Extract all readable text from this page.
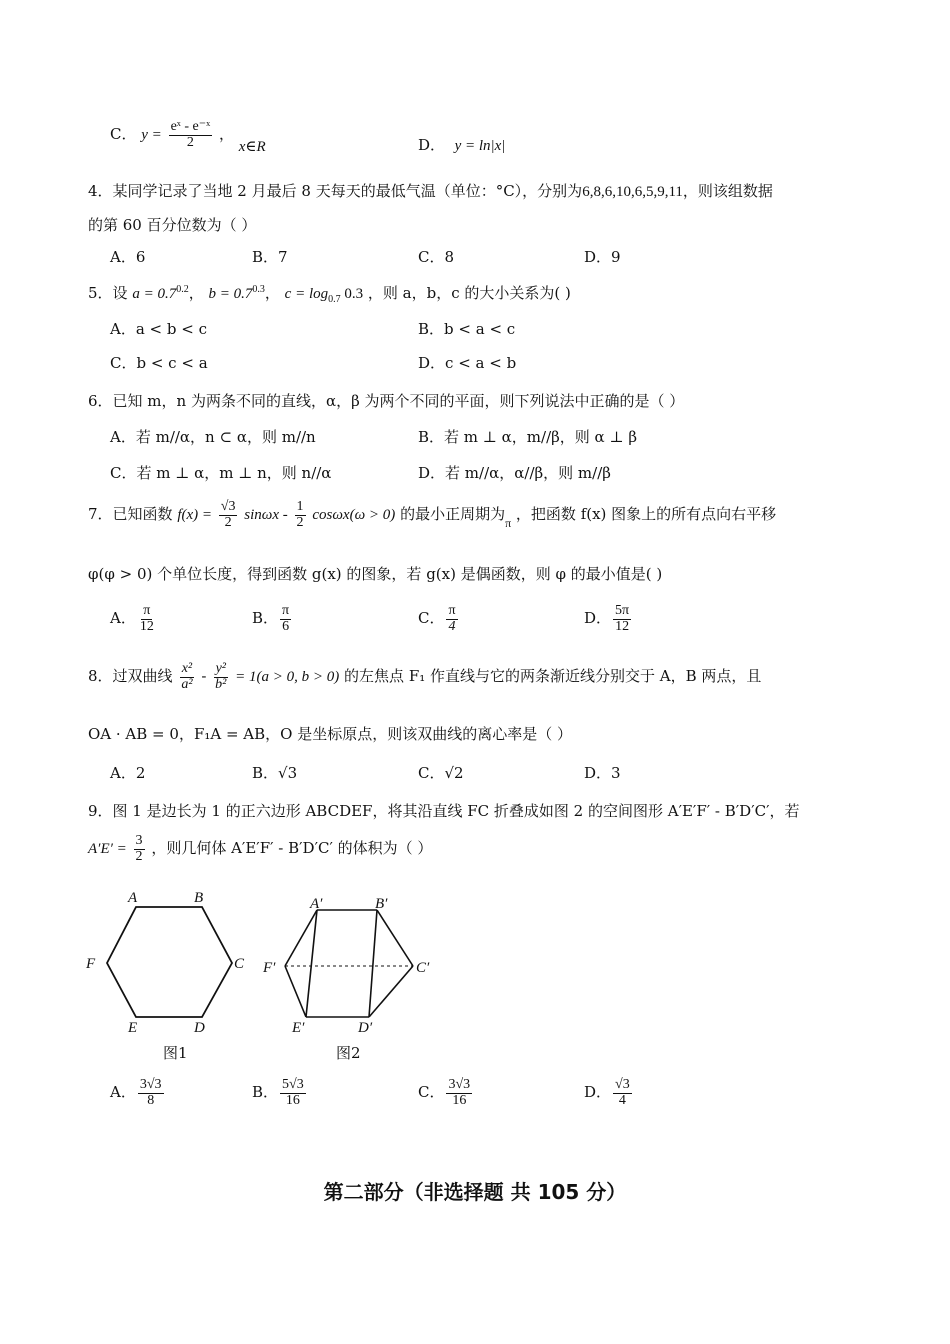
C． $y = \frac{\text{eˣ - e⁻ˣ}}{2}$ ， x∈R	D． y = ln|x|
4．某同学记录了当地 2 月最后 8 天每天的最低气温（单位：°C），分别为6,8,6,10,6,5,9,11，则该组数据
的第 60 百分位数为（ ）
A．6	B．7	C．8	D．9
5．设 $a = 0.7^{0.2}$， $b = 0.7^{0.3}$， $c = \log_{0.7} 0.3$ ，则 a，b，c 的大小关系为( )
A．a < b < c	B．b < a < c
C．b < c < a	D．c < a < b
6．已知 m，n 为两条不同的直线，α，β 为两个不同的平面，则下列说法中正确的是（ ）
A．若 m//α，n ⊂ α，则 m//n	B．若 m ⊥ α，m//β，则 α ⊥ β
C．若 m ⊥ α，m ⊥ n，则 n//α	D．若 m//α，α//β，则 m//β
7．已知函数 $f(x) = \frac{√3}{2}$ $\sin\omega x - \frac{1}{2} \cos\omega x(\omega > 0)$ 的最小正周期为$_\pi$ ，把函数 f(x) 图象上的所有点向右平移
φ(φ > 0) 个单位长度，得到函数 g(x) 的图象，若 g(x) 是偶函数，则 φ 的最小值是( )
A． $\frac{\pi}{12}$	B． $\frac{\pi}{6}$	C． $\frac{\pi}{4}$	D． $\frac{5\pi}{12}$
8．过双曲线 $\frac{\text{x²}}{\text{a²}} - \frac{\text{y²}}{\text{b²}} = 1(a > 0$, b > 0) 的左焦点 F₁ 作直线与它的两条渐近线分别交于 A，B 两点，且
OA · AB = 0，F₁A = AB，O 是坐标原点，则该双曲线的离心率是（ ）
A．2	B．√3	C．√2	D．3
9．图 1 是边长为 1 的正六边形 ABCDEF，将其沿直线 FC 折叠成如图 2 的空间图形 A′E′F′ - B′D′C′，若
$A'E' = \frac{3}{2}$ ，则几何体 A′E′F′ - B′D′C′ 的体积为（ ）
A	B
C
D
E
F
图1
A′	B′
C′
D′
E′
F′
图2
A． $\frac{3√3}{8}$	B． $\frac{5√3}{16}$	C． $\frac{3√3}{16}$	D． $\frac{√3}{4}$
第二部分（非选择题 共 105 分）
